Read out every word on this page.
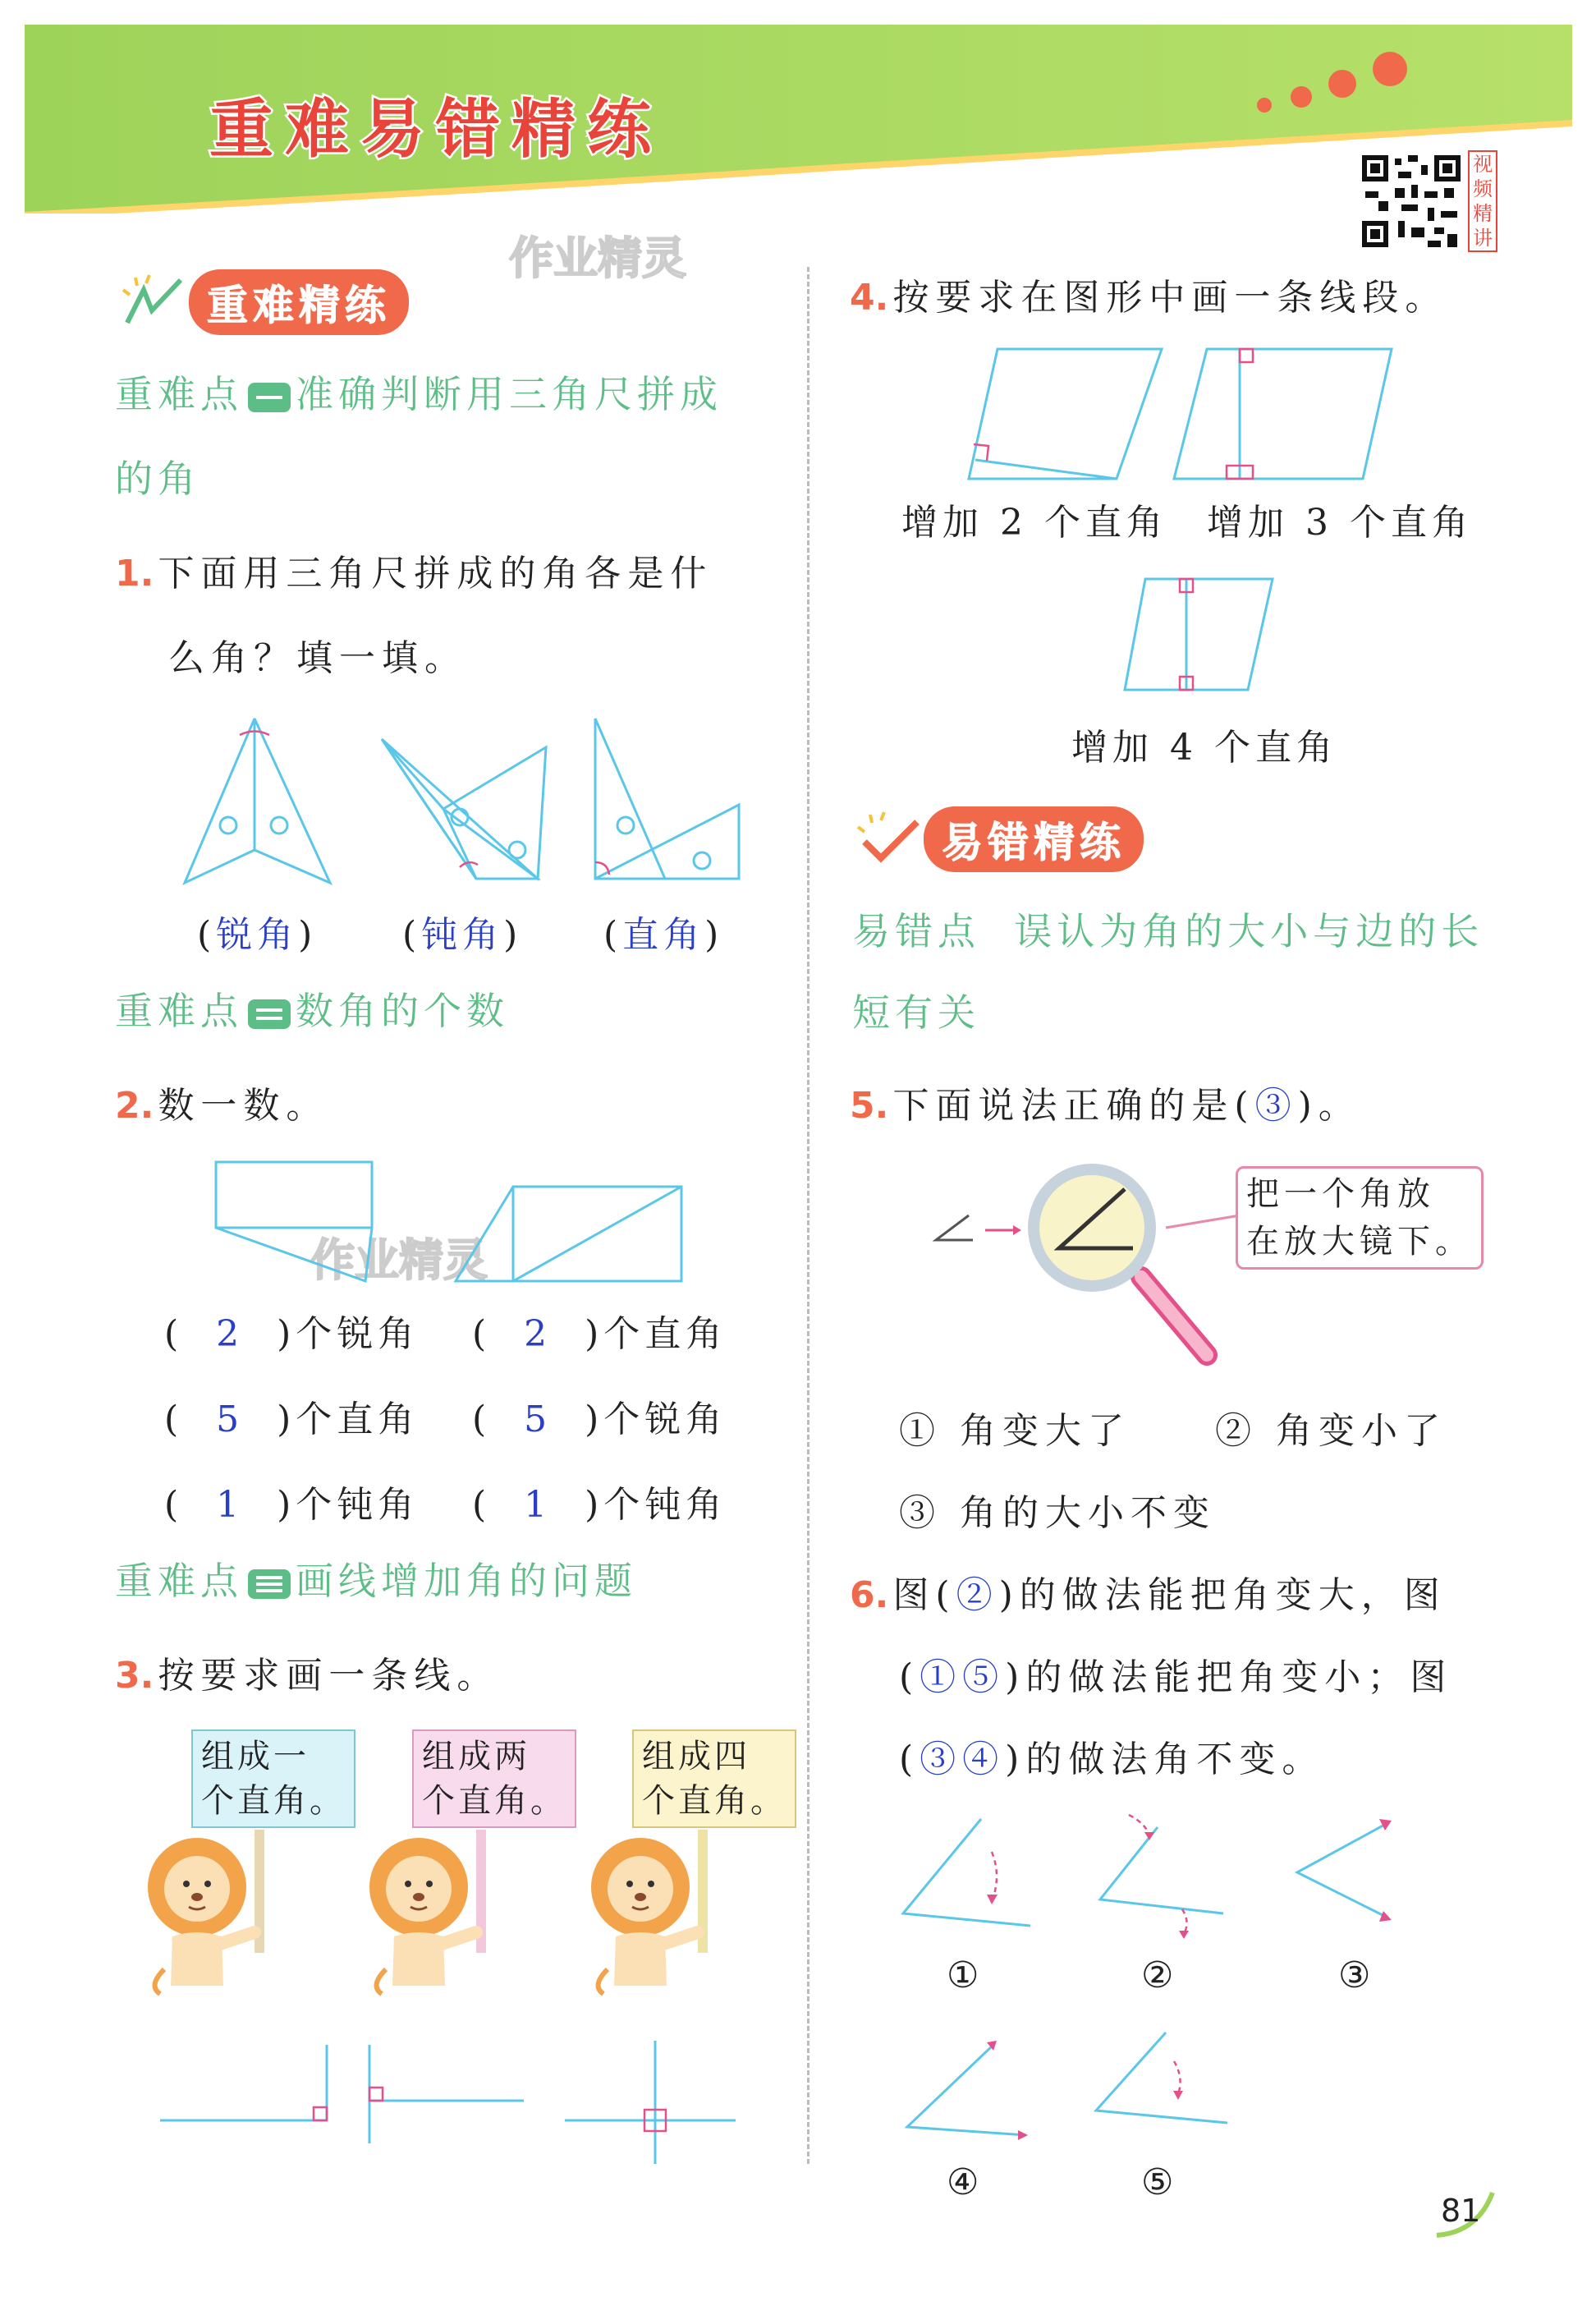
重难易错精练	视频精讲
作业精灵
作业精灵
重难精练
重难点 准确判断用三角尺拼成
的角
1. 下面用三角尺拼成的角各是什
么角？填一填。
(锐角) (钝角) (直角)
重难点 数角的个数
2. 数一数。
(  2  )个锐角 (  2  )个直角
(  5  )个直角 (  5  )个锐角
(  1  )个钝角 (  1  )个钝角
重难点 画线增加角的问题
3. 按要求画一条线。
组成一
个直角。
组成两
个直角。
组成四
个直角。
4. 按要求在图形中画一条线段。
增加 2 个直角 增加 3 个直角
增加 4 个直角
易错精练
易错点 误认为角的大小与边的长
短有关
5. 下面说法正确的是(③)。
把一个角放
在放大镜下。
① 角变大了 ② 角变小了
③ 角的大小不变
6. 图(②)的做法能把角变大，图
(①⑤)的做法能把角变小；图
(③④)的做法角不变。
①	②	③
④	⑤
81
